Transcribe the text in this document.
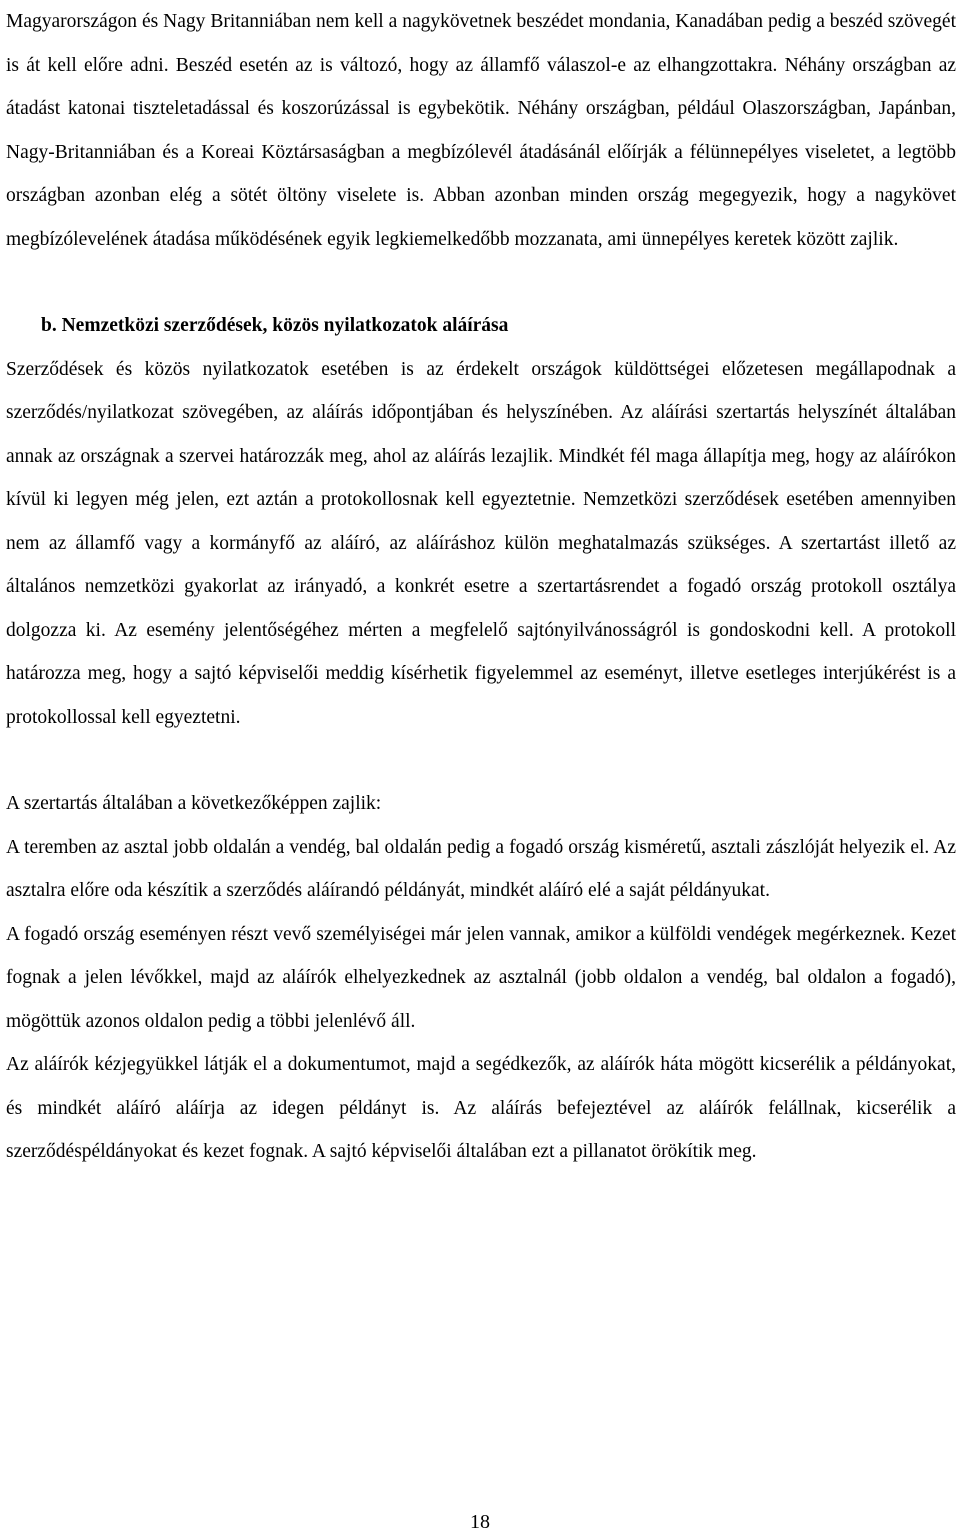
Magyarországon és Nagy Britanniában nem kell a nagykövetnek beszédet mondania, Kanadában pedig a beszéd szövegét is át kell előre adni. Beszéd esetén az is változó, hogy az államfő válaszol-e az elhangzottakra. Néhány országban az átadást katonai tiszteletadással és koszorúzással is egybekötik. Néhány országban, például Olaszországban, Japánban, Nagy-Britanniában és a Koreai Köztársaságban a megbízólevél átadásánál előírják a félünnepélyes viseletet, a legtöbb országban azonban elég a sötét öltöny viselete is. Abban azonban minden ország megegyezik, hogy a nagykövet megbízólevelének átadása működésének egyik legkiemelkedőbb mozzanata, ami ünnepélyes keretek között zajlik.

b. Nemzetközi szerződések, közös nyilatkozatok aláírása

Szerződések és közös nyilatkozatok esetében is az érdekelt országok küldöttségei előzetesen megállapodnak a szerződés/nyilatkozat szövegében, az aláírás időpontjában és helyszínében. Az aláírási szertartás helyszínét általában annak az országnak a szervei határozzák meg, ahol az aláírás lezajlik. Mindkét fél maga állapítja meg, hogy az aláírókon kívül ki legyen még jelen, ezt aztán a protokollosnak kell egyeztetnie. Nemzetközi szerződések esetében amennyiben nem az államfő vagy a kormányfő az aláíró, az aláíráshoz külön meghatalmazás szükséges. A szertartást illető az általános nemzetközi gyakorlat az irányadó, a konkrét esetre a szertartásrendet a fogadó ország protokoll osztálya dolgozza ki. Az esemény jelentőségéhez mérten a megfelelő sajtónyilvánosságról is gondoskodni kell. A protokoll határozza meg, hogy a sajtó képviselői meddig kísérhetik figyelemmel az eseményt, illetve esetleges interjúkérést is a protokollossal kell egyeztetni.

A szertartás általában a következőképpen zajlik:

A teremben az asztal jobb oldalán a vendég, bal oldalán pedig a fogadó ország kisméretű, asztali zászlóját helyezik el. Az asztalra előre oda készítik a szerződés aláírandó példányát, mindkét aláíró elé a saját példányukat.

A fogadó ország eseményen részt vevő személyiségei már jelen vannak, amikor a külföldi vendégek megérkeznek. Kezet fognak a jelen lévőkkel, majd az aláírók elhelyezkednek az asztalnál (jobb oldalon a vendég, bal oldalon a fogadó), mögöttük azonos oldalon pedig a többi jelenlévő áll.

Az aláírók kézjegyükkel látják el a dokumentumot, majd a segédkezők, az aláírók háta mögött kicserélik a példányokat, és mindkét aláíró aláírja az idegen példányt is. Az aláírás befejeztével az aláírók felállnak, kicserélik a szerződéspéldányokat és kezet fognak. A sajtó képviselői általában ezt a pillanatot örökítik meg.

18
